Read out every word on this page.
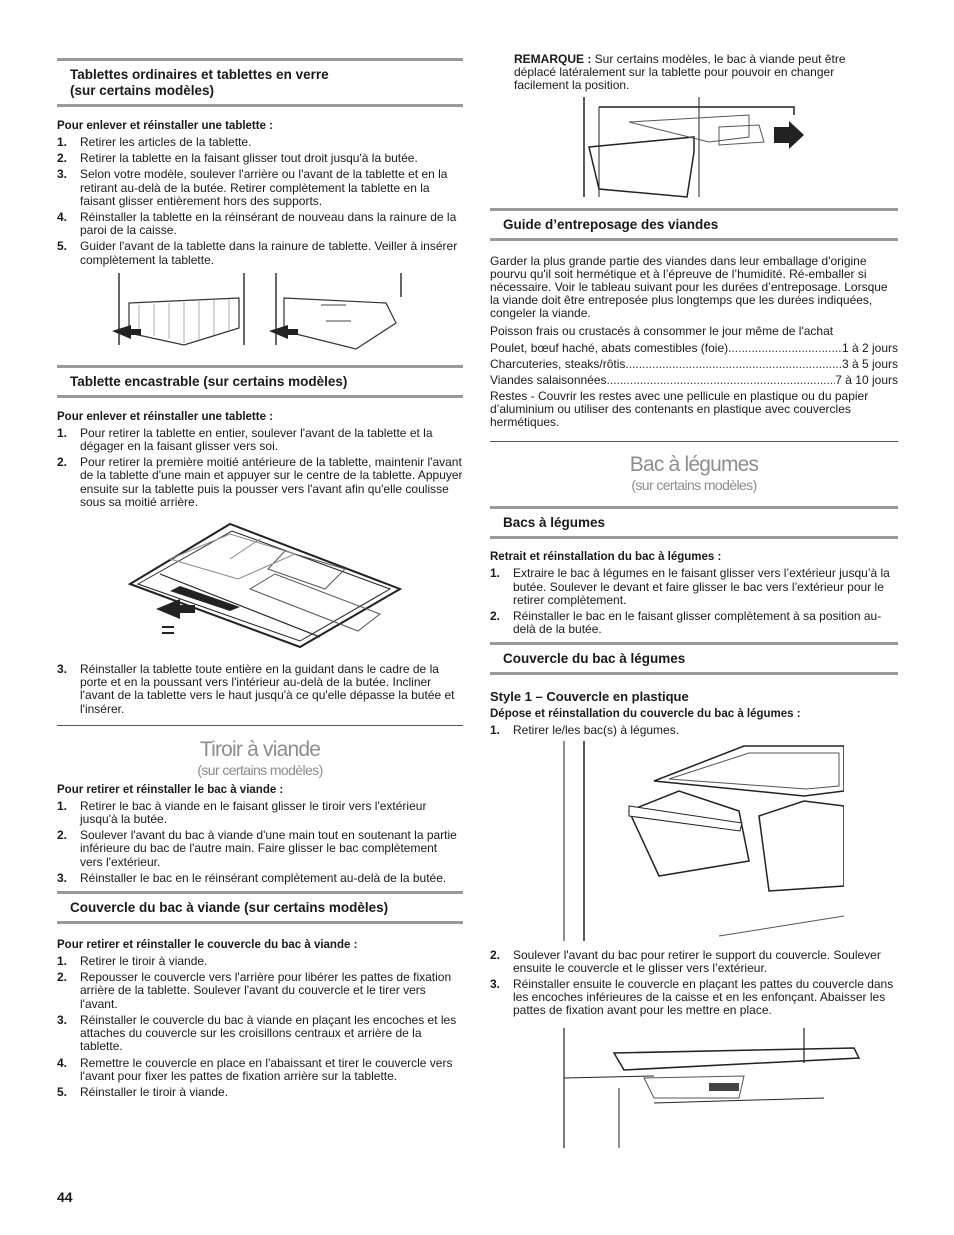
Tablettes ordinaires et tablettes en verre
(sur certains modèles)
Pour enlever et réinstaller une tablette :
1. Retirer les articles de la tablette.
2. Retirer la tablette en la faisant glisser tout droit jusqu'à la butée.
3. Selon votre modèle, soulever l'arrière ou l'avant de la tablette et en la retirant au-delà de la butée. Retirer complètement la tablette en la faisant glisser entièrement hors des supports.
4. Réinstaller la tablette en la réinsérant de nouveau dans la rainure de la paroi de la caisse.
5. Guider l'avant de la tablette dans la rainure de tablette. Veiller à insérer complètement la tablette.
Tablette encastrable (sur certains modèles)
Pour enlever et réinstaller une tablette :
1. Pour retirer la tablette en entier, soulever l'avant de la tablette et la dégager en la faisant glisser vers soi.
2. Pour retirer la première moitié antérieure de la tablette, maintenir l'avant de la tablette d'une main et appuyer sur le centre de la tablette. Appuyer ensuite sur la tablette puis la pousser vers l'avant afin qu'elle coulisse sous sa moitié arrière.
3. Réinstaller la tablette toute entière en la guidant dans le cadre de la porte et en la poussant vers l'intérieur au-delà de la butée. Incliner l'avant de la tablette vers le haut jusqu'à ce qu'elle dépasse la butée et l'insérer.
Tiroir à viande
(sur certains modèles)
Pour retirer et réinstaller le bac à viande :
1. Retirer le bac à viande en le faisant glisser le tiroir vers l'extérieur jusqu'à la butée.
2. Soulever l'avant du bac à viande d'une main tout en soutenant la partie inférieure du bac de l'autre main. Faire glisser le bac complètement vers l'extérieur.
3. Réinstaller le bac en le réinsérant complètement au-delà de la butée.
Couvercle du bac à viande (sur certains modèles)
Pour retirer et réinstaller le couvercle du bac à viande :
1. Retirer le tiroir à viande.
2. Repousser le couvercle vers l'arrière pour libérer les pattes de fixation arrière de la tablette. Soulever l'avant du couvercle et le tirer vers l'avant.
3. Réinstaller le couvercle du bac à viande en plaçant les encoches et les attaches du couvercle sur les croisillons centraux et arrière de la tablette.
4. Remettre le couvercle en place en l'abaissant et tirer le couvercle vers l'avant pour fixer les pattes de fixation arrière sur la tablette.
5. Réinstaller le tiroir à viande.
REMARQUE : Sur certains modèles, le bac à viande peut être déplacé latéralement sur la tablette pour pouvoir en changer facilement la position.
Guide d’entreposage des viandes
Garder la plus grande partie des viandes dans leur emballage d'origine pourvu qu'il soit hermétique et à l’épreuve de l’humidité. Ré-emballer si nécessaire. Voir le tableau suivant pour les durées d’entreposage. Lorsque la viande doit être entreposée plus longtemps que les durées indiquées, congeler la viande.
Poisson frais ou crustacés à consommer le jour même de l'achat
Poulet, bœuf haché, abats comestibles (foie) .....	1 à 2 jours
Charcuteries, steaks/rôtis .....	3 à 5 jours
Viandes salaisonnées .....	7 à 10 jours
Restes - Couvrir les restes avec une pellicule en plastique ou du papier d’aluminium ou utiliser des contenants en plastique avec couvercles hermétiques.
Bac à légumes
(sur certains modèles)
Bacs à légumes
Retrait et réinstallation du bac à légumes :
1. Extraire le bac à légumes en le faisant glisser vers l’extérieur jusqu’à la butée. Soulever le devant et faire glisser le bac vers l’extérieur pour le retirer complètement.
2. Réinstaller le bac en le faisant glisser complètement à sa position au-delà de la butée.
Couvercle du bac à légumes
Style 1 – Couvercle en plastique
Dépose et réinstallation du couvercle du bac à légumes :
1. Retirer le/les bac(s) à légumes.
2. Soulever l'avant du bac pour retirer le support du couvercle. Soulever ensuite le couvercle et le glisser vers l’extérieur.
3. Réinstaller ensuite le couvercle en plaçant les pattes du couvercle dans les encoches inférieures de la caisse et en les enfonçant. Abaisser les pattes de fixation avant pour les mettre en place.
44
